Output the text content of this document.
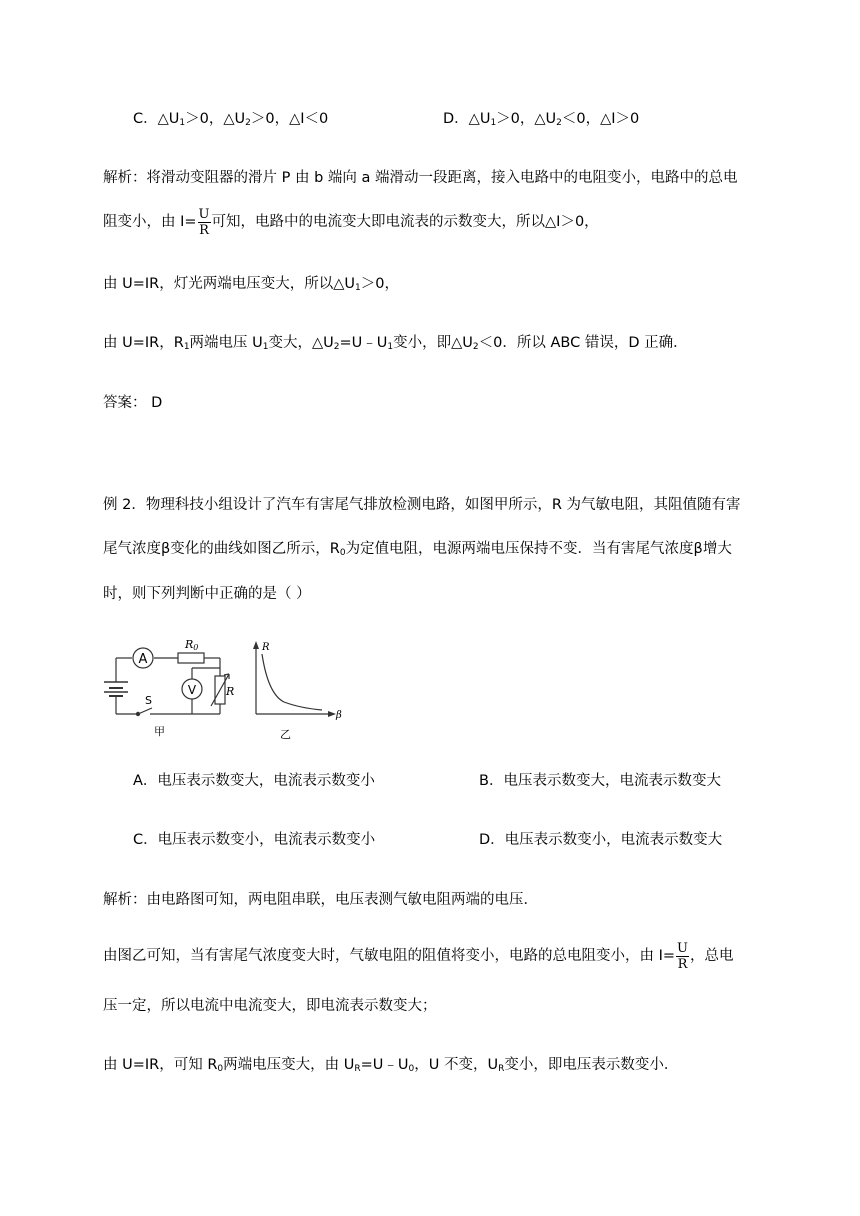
C．$\triangle U_1>0$，$\triangle U_2>0$，△I＜0	D．$\triangle U_1>0$，$\triangle U_2<0$，△I＞0
解析：将滑动变阻器的滑片 P 由 b 端向 a 端滑动一段距离，接入电路中的电阻变小，电路中的总电
阻变小，由 $I= \frac{U}{R}$ 可知，电路中的电流变大即电流表的示数变大，所以△I＞0，
由 U=IR，灯光两端电压变大，所以$\triangle U_1>0$，
由 U=IR，$R_1$两端电压 $U_1$变大，$\triangle U_2=U﹣U_1$变小，即$\triangle U_2<0$．所以 ABC 错误，D 正确．
答案： D
例 2．物理科技小组设计了汽车有害尾气排放检测电路，如图甲所示，R 为气敏电阻，其阻值随有害
尾气浓度β变化的曲线如图乙所示，$R_0$为定值电阻，电源两端电压保持不变．当有害尾气浓度β增大
时，则下列判断中正确的是（ ）
A
V
R0
R
S
甲
R
β
乙
A．电压表示数变大，电流表示数变小	B．电压表示数变大，电流表示数变大
C．电压表示数变小，电流表示数变小	D．电压表示数变小，电流表示数变大
解析：由电路图可知，两电阻串联，电压表测气敏电阻两端的电压．
由图乙可知，当有害尾气浓度变大时，气敏电阻的阻值将变小，电路的总电阻变小，由 $I= \frac{U}{R}$ ，总电
压一定，所以电流中电流变大，即电流表示数变大；
由 U=IR，可知 $R_0$两端电压变大，由 $U_R=U﹣U_0$，U 不变，$U_R$变小，即电压表示数变小．
